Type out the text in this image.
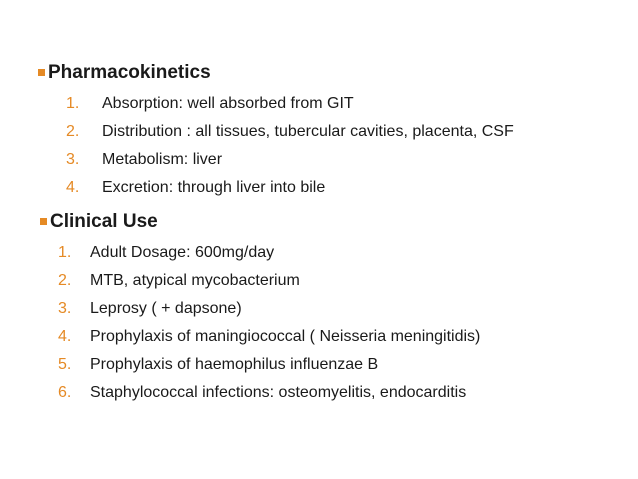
Pharmacokinetics
1.	Absorption: well absorbed from GIT
2.	Distribution : all tissues, tubercular cavities, placenta, CSF
3.	Metabolism: liver
4.	Excretion: through liver into bile
Clinical Use
1.	Adult Dosage: 600mg/day
2.	MTB, atypical mycobacterium
3.	Leprosy ( + dapsone)
4.	Prophylaxis of maningiococcal ( Neisseria meningitidis)
5.	Prophylaxis of haemophilus influenzae B
6.	Staphylococcal infections: osteomyelitis, endocarditis
